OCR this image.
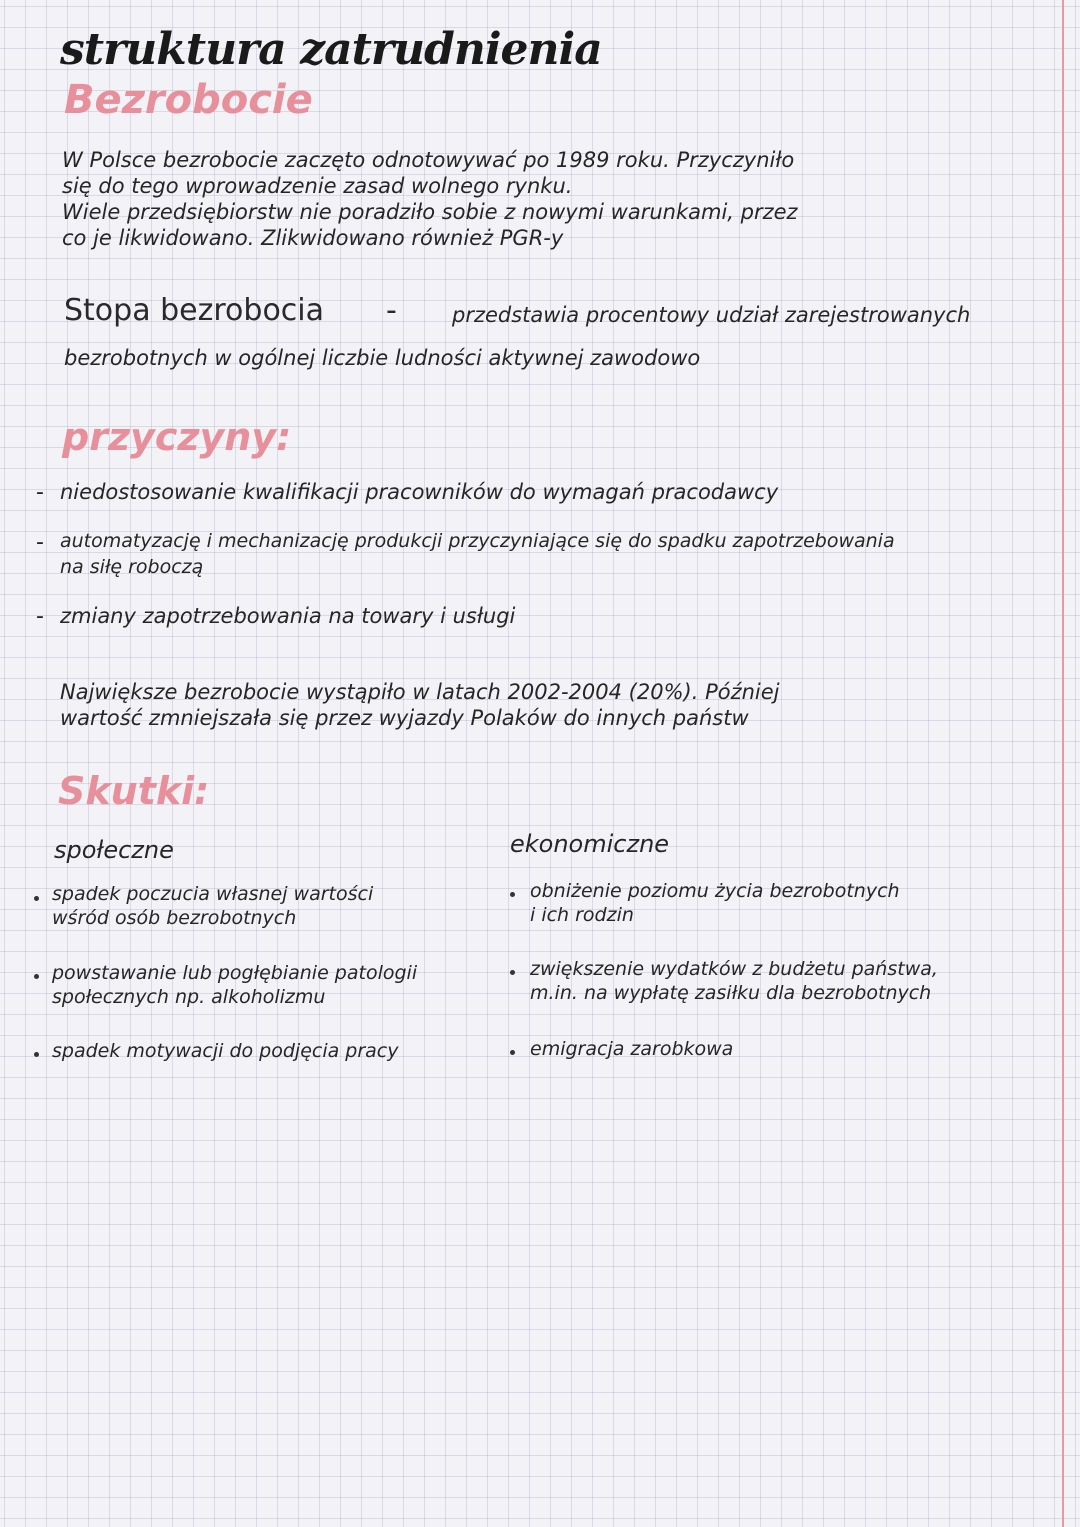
struktura zatrudnienia
Bezrobocie
W Polsce bezrobocie zaczęto odnotowywać po 1989 roku. Przyczyniło
się do tego wprowadzenie zasad wolnego rynku.
Wiele przedsiębiorstw nie poradziło sobie z nowymi warunkami, przez
co je likwidowano. Zlikwidowano również PGR-y
Stopa bezrobocia -	przedstawia procentowy udział zarejestrowanych
bezrobotnych w ogólnej liczbie ludności aktywnej zawodowo
przyczyny:
- niedostosowanie kwalifikacji pracowników do wymagań pracodawcy
- automatyzację i mechanizację produkcji przyczyniające się do spadku zapotrzebowania
na siłę roboczą
- zmiany zapotrzebowania na towary i usługi
Największe bezrobocie wystąpiło w latach 2002-2004 (20%). Później
wartość zmniejszała się przez wyjazdy Polaków do innych państw
Skutki:
społeczne	ekonomiczne
spadek poczucia własnej wartości
wśród osób bezrobotnych
powstawanie lub pogłębianie patologii
społecznych np. alkoholizmu
spadek motywacji do podjęcia pracy
obniżenie poziomu życia bezrobotnych
i ich rodzin
zwiększenie wydatków z budżetu państwa,
m.in. na wypłatę zasiłku dla bezrobotnych
emigracja zarobkowa
